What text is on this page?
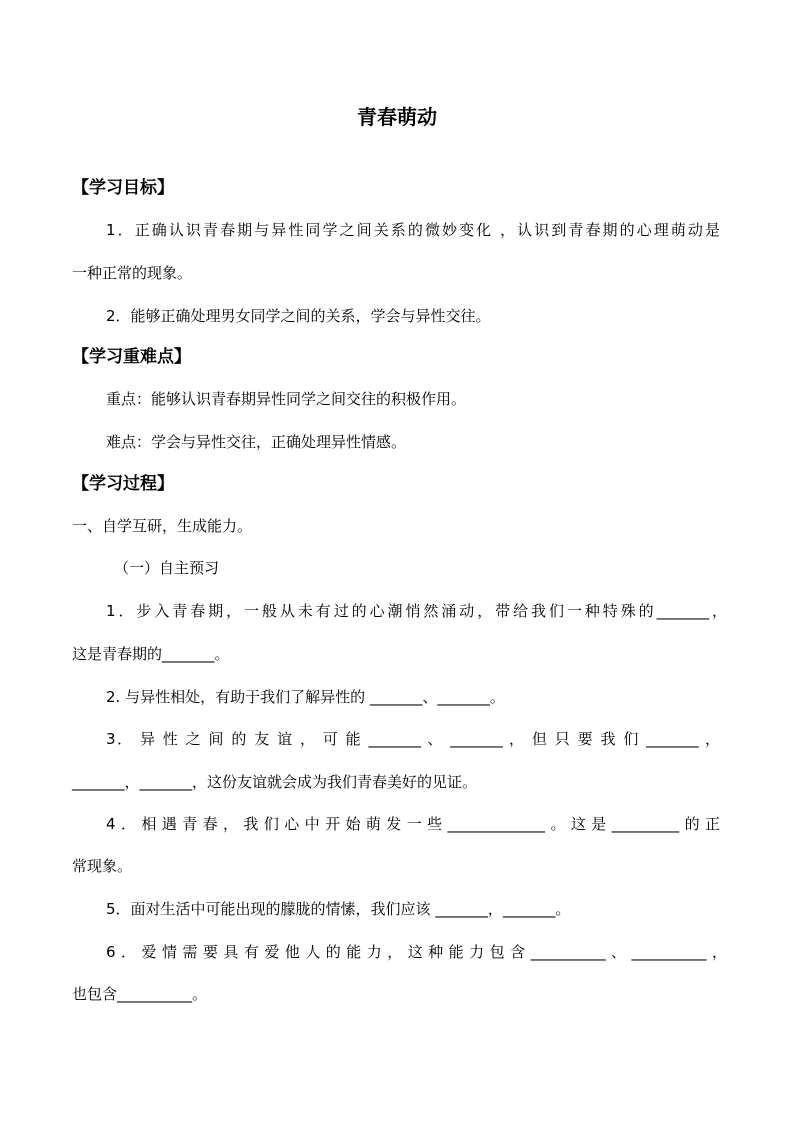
青春萌动
【学习目标】
1．正确认识青春期与异性同学之间关系的微妙变化 ，认识到青春期的心理萌动是
一种正常的现象。
2．能够正确处理男女同学之间的关系，学会与异性交往。
【学习重难点】
重点：能够认识青春期异性同学之间交往的积极作用。
难点：学会与异性交往，正确处理异性情感。
【学习过程】
一、自学互研，生成能力。
（一）自主预习
1．步入青春期，一般从未有过的心潮悄然涌动，带给我们一种特殊的_______，
这是青春期的_______。
2. 与异性相处，有助于我们了解异性的 _______、_______。
3． 异 性 之 间 的 友 谊 ， 可 能 _______ 、 _______ ， 但 只 要 我 们 _______ ，
_______，_______，这份友谊就会成为我们青春美好的见证。
4．相遇青春，我们心中开始萌发一些_____________。这是_________的正
常现象。
5．面对生活中可能出现的朦胧的情愫，我们应该 _______，_______。
6．爱情需要具有爱他人的能力，这种能力包含__________、__________，
也包含__________。
